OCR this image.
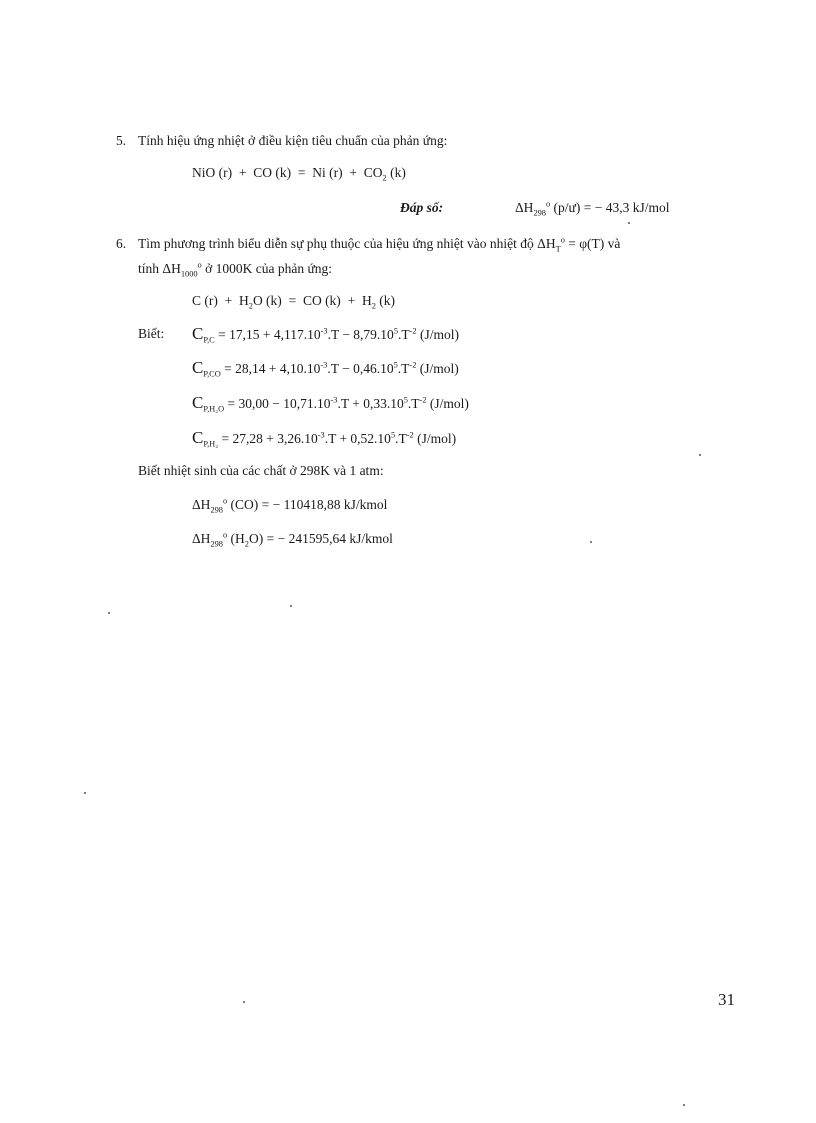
5. Tính hiệu ứng nhiệt ở điều kiện tiêu chuẩn của phản ứng:
NiO (r) + CO (k) = Ni $(r) + CO_2$ (k)
Đáp số:	$\Delta H_{298}^o$ (p/ư) = − 43,3 kJ/mol
6. Tìm phương trình biểu diễn sự phụ thuộc của hiệu ứng nhiệt vào nhiệt độ $\Delta H_T^o = \varphi(T)$ và
tính $\Delta H_{1000}^o$ ở 1000K của phản ứng:
C $(r) + H_2O$ (k) = CO $(k) + H_2$ (k)
Biết: $C_{P,C} = 17,15 + 4,117.10^{-3}.T - 8,79.10^5.T^{-2}$ (J/mol)
$C_{P,CO} = 28,14 + 4,10.10^{-3}.T - 0,46.10^5.T^{-2}$ (J/mol)
$C_{P,H_2O} = 30,00 - 10,71.10^{-3}.T + 0,33.10^5.T^{-2}$ (J/mol)
$C_{P,H_2} = 27,28 + 3,26.10^{-3}.T + 0,52.10^5.T^{-2}$ (J/mol)
Biết nhiệt sinh của các chất ở 298K và 1 atm:
$\Delta H_{298}^o$ (CO) = − 110418,88 kJ/kmol
$\Delta H_{298}^o$ $(H_2O)$ = − 241595,64 kJ/kmol
31
